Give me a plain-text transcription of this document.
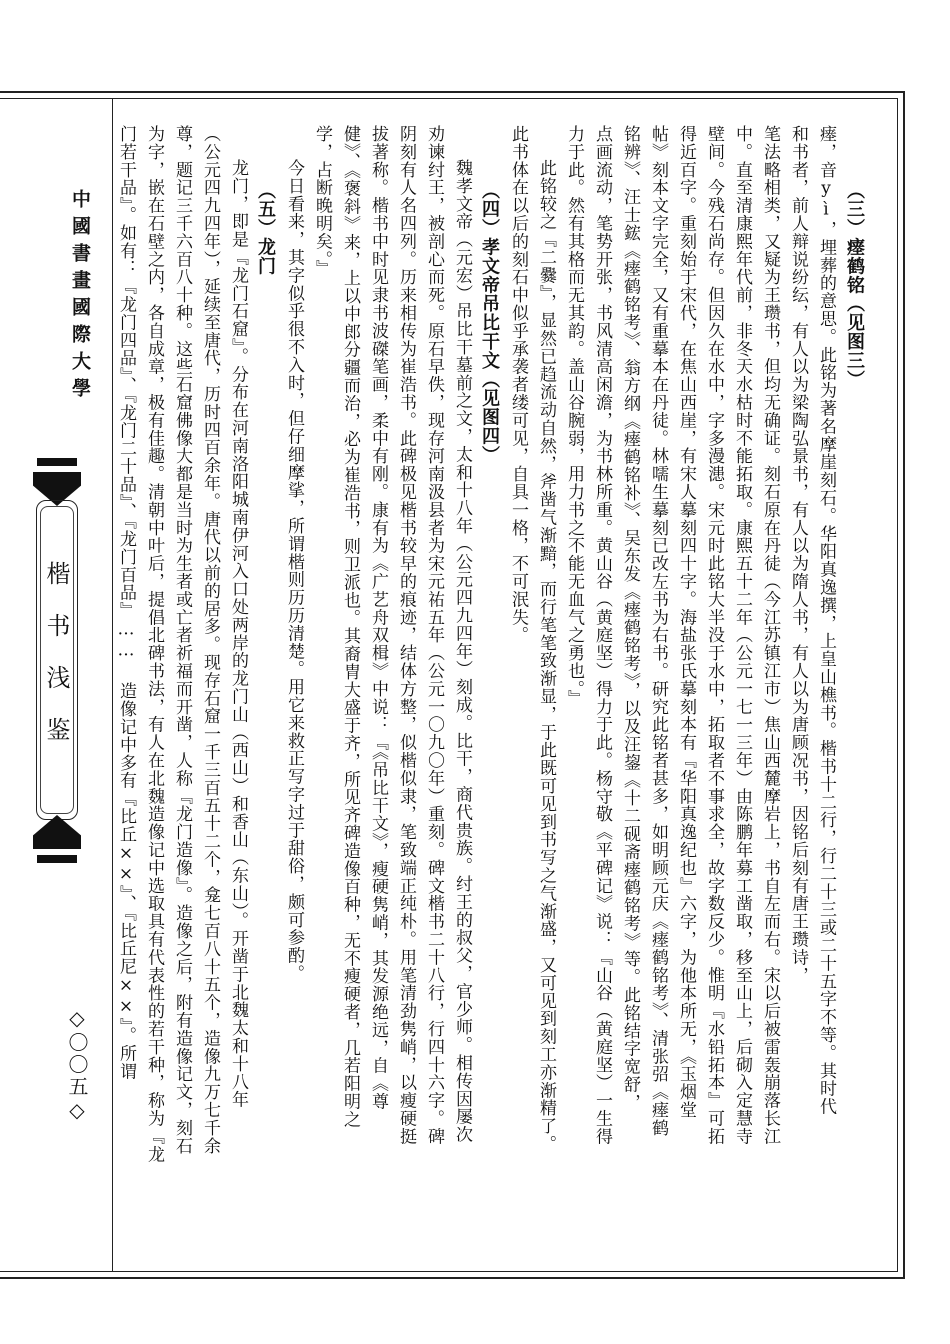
中國書畫國際大學
楷书浅鉴
◇〇〇五◇
（三）瘗鹤铭（见图三）
瘗，音yì，埋葬的意思。此铭为著名摩崖刻石。华阳真逸撰，上皇山樵书。楷书十二行，行二十三或二十五字不等。其时代
和书者，前人辩说纷纭，有人以为梁陶弘景书，有人以为隋人书，有人以为唐顾况书，因铭后刻有唐王瓒诗，
笔法略相类，又疑为王瓒书，但均无确证。刻石原在丹徒（今江苏镇江市）焦山西麓摩岩上，书自左而右。宋以后被雷轰崩落长江
中。直至清康熙年代前，非冬天水枯时不能拓取。康熙五十二年（公元一七一三年）由陈鹏年募工凿取，移至山上，后砌入定慧寺
壁间。今残石尚存。但因久在水中，字多漫漶。宋元时此铭大半没于水中，拓取者不事求全，故字数反少。惟明『水铅拓本』可拓
得近百字。重刻始于宋代，在焦山西崖，有宋人摹刻四十字。海盐张氏摹刻本有『华阳真逸纪也』六字，为他本所无，《玉烟堂
帖》刻本文字完全，又有重摹本在丹徒。林嚅生摹刻已改左书为右书。研究此铭者甚多，如明顾元庆《瘗鹤铭考》、清张弨《瘗鹤
铭辨》、汪士鋐《瘗鹤铭考》、翁方纲《瘗鹤铭补》、吴东发《瘗鹤铭考》，以及汪鋆《十二砚斋瘗鹤铭考》等。此铭结字宽舒，
点画流动，笔势开张，书风清高闲澹，为书林所重。黄山谷（黄庭坚）得力于此。杨守敬《平碑记》说：『山谷（黄庭坚）一生得
力于此。然有其格而无其韵。盖山谷腕弱，用力书之不能无血气之勇也。』
此铭较之『二爨』，显然已趋流动自然，斧凿气渐黯，而行笔笔致渐显，于此既可见到书写之气渐盛，又可见到刻工亦渐精了。
此书体在以后的刻石中似乎承袭者缕可见，自具一格，不可泯失。
（四）孝文帝吊比干文（见图四）
魏孝文帝（元宏）吊比干墓前之文，太和十八年（公元四九四年）刻成。比干，商代贵族。纣王的叔父，官少师。相传因屡次
劝谏纣王，被剖心而死。原石早佚，现存河南汲县者为宋元祐五年（公元一〇九〇年）重刻。碑文楷书二十八行，行四十六字。碑
阴刻有人名四列。历来相传为崔浩书。此碑极见楷书较早的痕迹，结体方整，似楷似隶，笔致端正纯朴。用笔清劲隽峭，以瘦硬挺
拔著称。楷书中时见隶书波磔笔画，柔中有刚。康有为《广艺舟双楫》中说：『《吊比干文》，瘦硬隽峭，其发源绝远，自《尊
健》、《褒斜》来，上以中郎分疆而治，必为崔浩书，则卫派也。其裔胄大盛于齐，所见齐碑造像百种，无不瘦硬者，几若阳明之
学，占断晚明矣。』
今日看来，其字似乎很不入时，但仔细摩挲，所谓楷则历历清楚。用它来救正写字过于甜俗，颇可参酌。
（五）龙门
龙门，即是『龙门石窟』。分布在河南洛阳城南伊河入口处两岸的龙门山（西山）和香山（东山）。开凿于北魏太和十八年
（公元四九四年），延续至唐代，历时四百余年。唐代以前的居多。现存石窟一千三百五十二个，龛七百八十五个，造像九万七千余
尊，题记三千六百八十种。这些石窟佛像大都是当时为生者或亡者祈福而开凿，人称『龙门造像』。造像之后，附有造像记文，刻石
为字，嵌在石壁之内，各自成章，极有佳趣。清朝中叶后，提倡北碑书法，有人在北魏造像记中选取具有代表性的若干种，称为『龙
门若干品』。如有：『龙门四品』、『龙门二十品』、『龙门百品』…… 造像记中多有『比丘××』、『比丘尼××』。所谓
